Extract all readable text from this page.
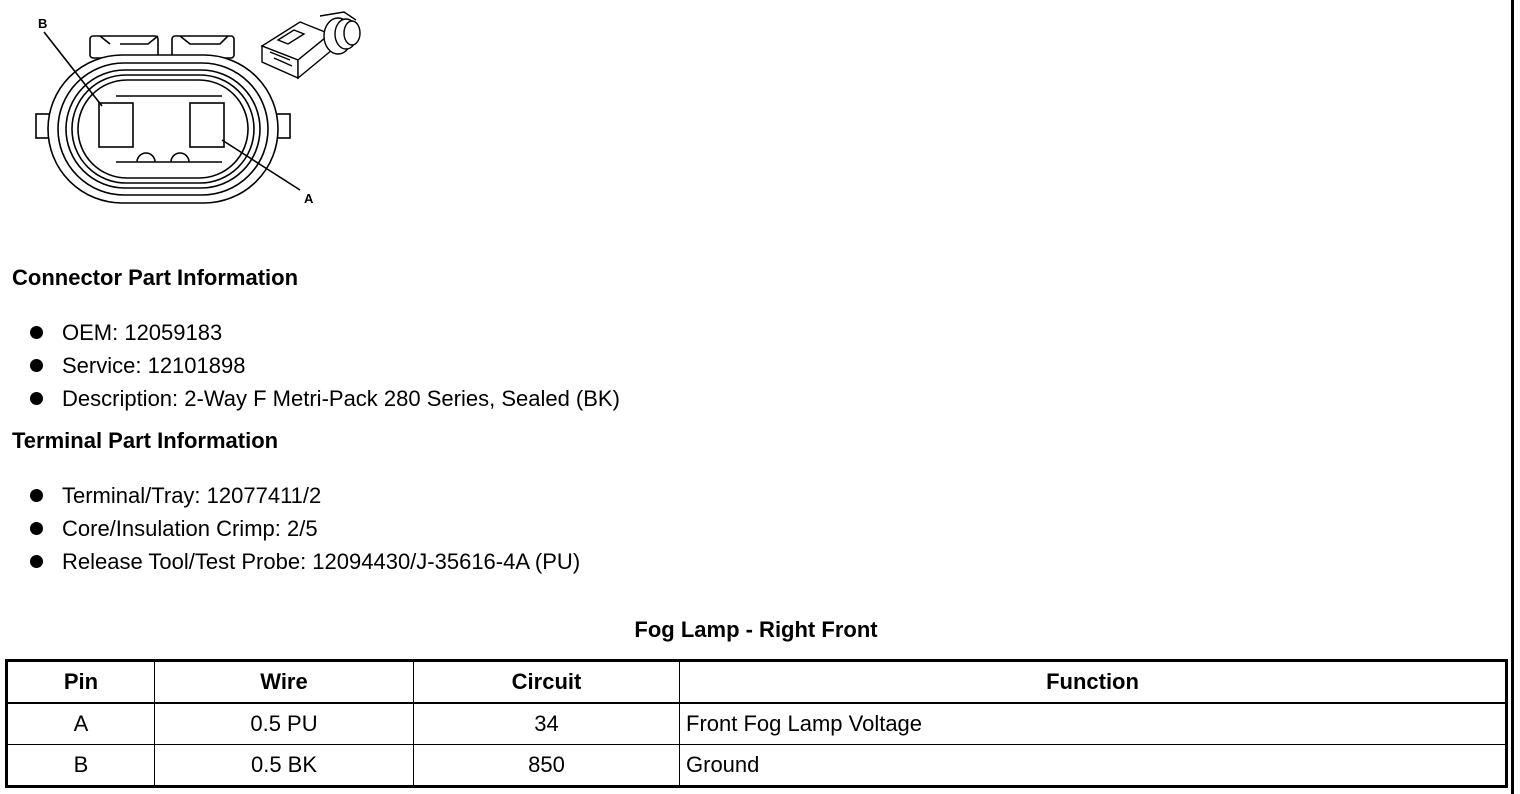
B
A
Connector Part Information
OEM: 12059183
Service: 12101898
Description: 2-Way F Metri-Pack 280 Series, Sealed (BK)
Terminal Part Information
Terminal/Tray: 12077411/2
Core/Insulation Crimp: 2/5
Release Tool/Test Probe: 12094430/J-35616-4A (PU)
Fog Lamp - Right Front
Pin	Wire	Circuit	Function
A	0.5 PU	34	Front Fog Lamp Voltage
B	0.5 BK	850	Ground
